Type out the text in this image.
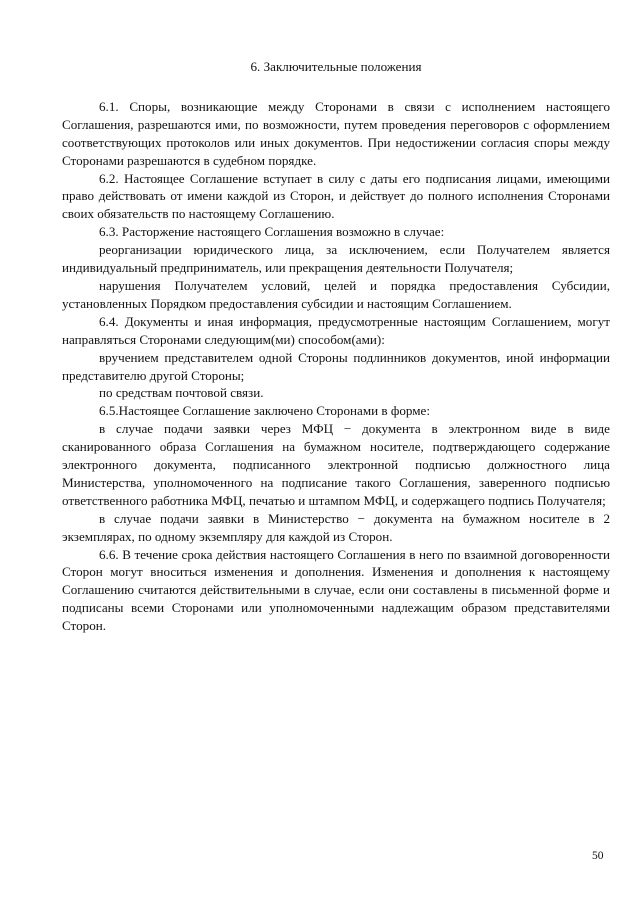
6. Заключительные положения

6.1. Споры, возникающие между Сторонами в связи с исполнением настоящего Соглашения, разрешаются ими, по возможности, путем проведения переговоров с оформлением соответствующих протоколов или иных документов. При недостижении согласия споры между Сторонами разрешаются в судебном порядке.

6.2. Настоящее Соглашение вступает в силу с даты его подписания лицами, имеющими право действовать от имени каждой из Сторон, и действует до полного исполнения Сторонами своих обязательств по настоящему Соглашению.

6.3. Расторжение настоящего Соглашения возможно в случае:

реорганизации юридического лица, за исключением, если Получателем является индивидуальный предприниматель, или прекращения деятельности Получателя;

нарушения Получателем условий, целей и порядка предоставления Субсидии, установленных Порядком предоставления субсидии и настоящим Соглашением.

6.4. Документы и иная информация, предусмотренные настоящим Соглашением, могут направляться Сторонами следующим(ми) способом(ами):

вручением представителем одной Стороны подлинников документов, иной информации представителю другой Стороны;

по средствам почтовой связи.

6.5.Настоящее Соглашение заключено Сторонами в форме:

в случае подачи заявки через МФЦ − документа в электронном виде в виде сканированного образа Соглашения на бумажном носителе, подтверждающего содержание электронного документа, подписанного электронной подписью должностного лица Министерства, уполномоченного на подписание такого Соглашения, заверенного подписью ответственного работника МФЦ, печатью и штампом МФЦ, и содержащего подпись Получателя;

в случае подачи заявки в Министерство − документа на бумажном носителе в 2 экземплярах, по одному экземпляру для каждой из Сторон.

6.6. В течение срока действия настоящего Соглашения в него по взаимной договоренности Сторон могут вноситься изменения и дополнения. Изменения и дополнения к настоящему Соглашению считаются действительными в случае, если они составлены в письменной форме и подписаны всеми Сторонами или уполномоченными надлежащим образом представителями Сторон.

50
